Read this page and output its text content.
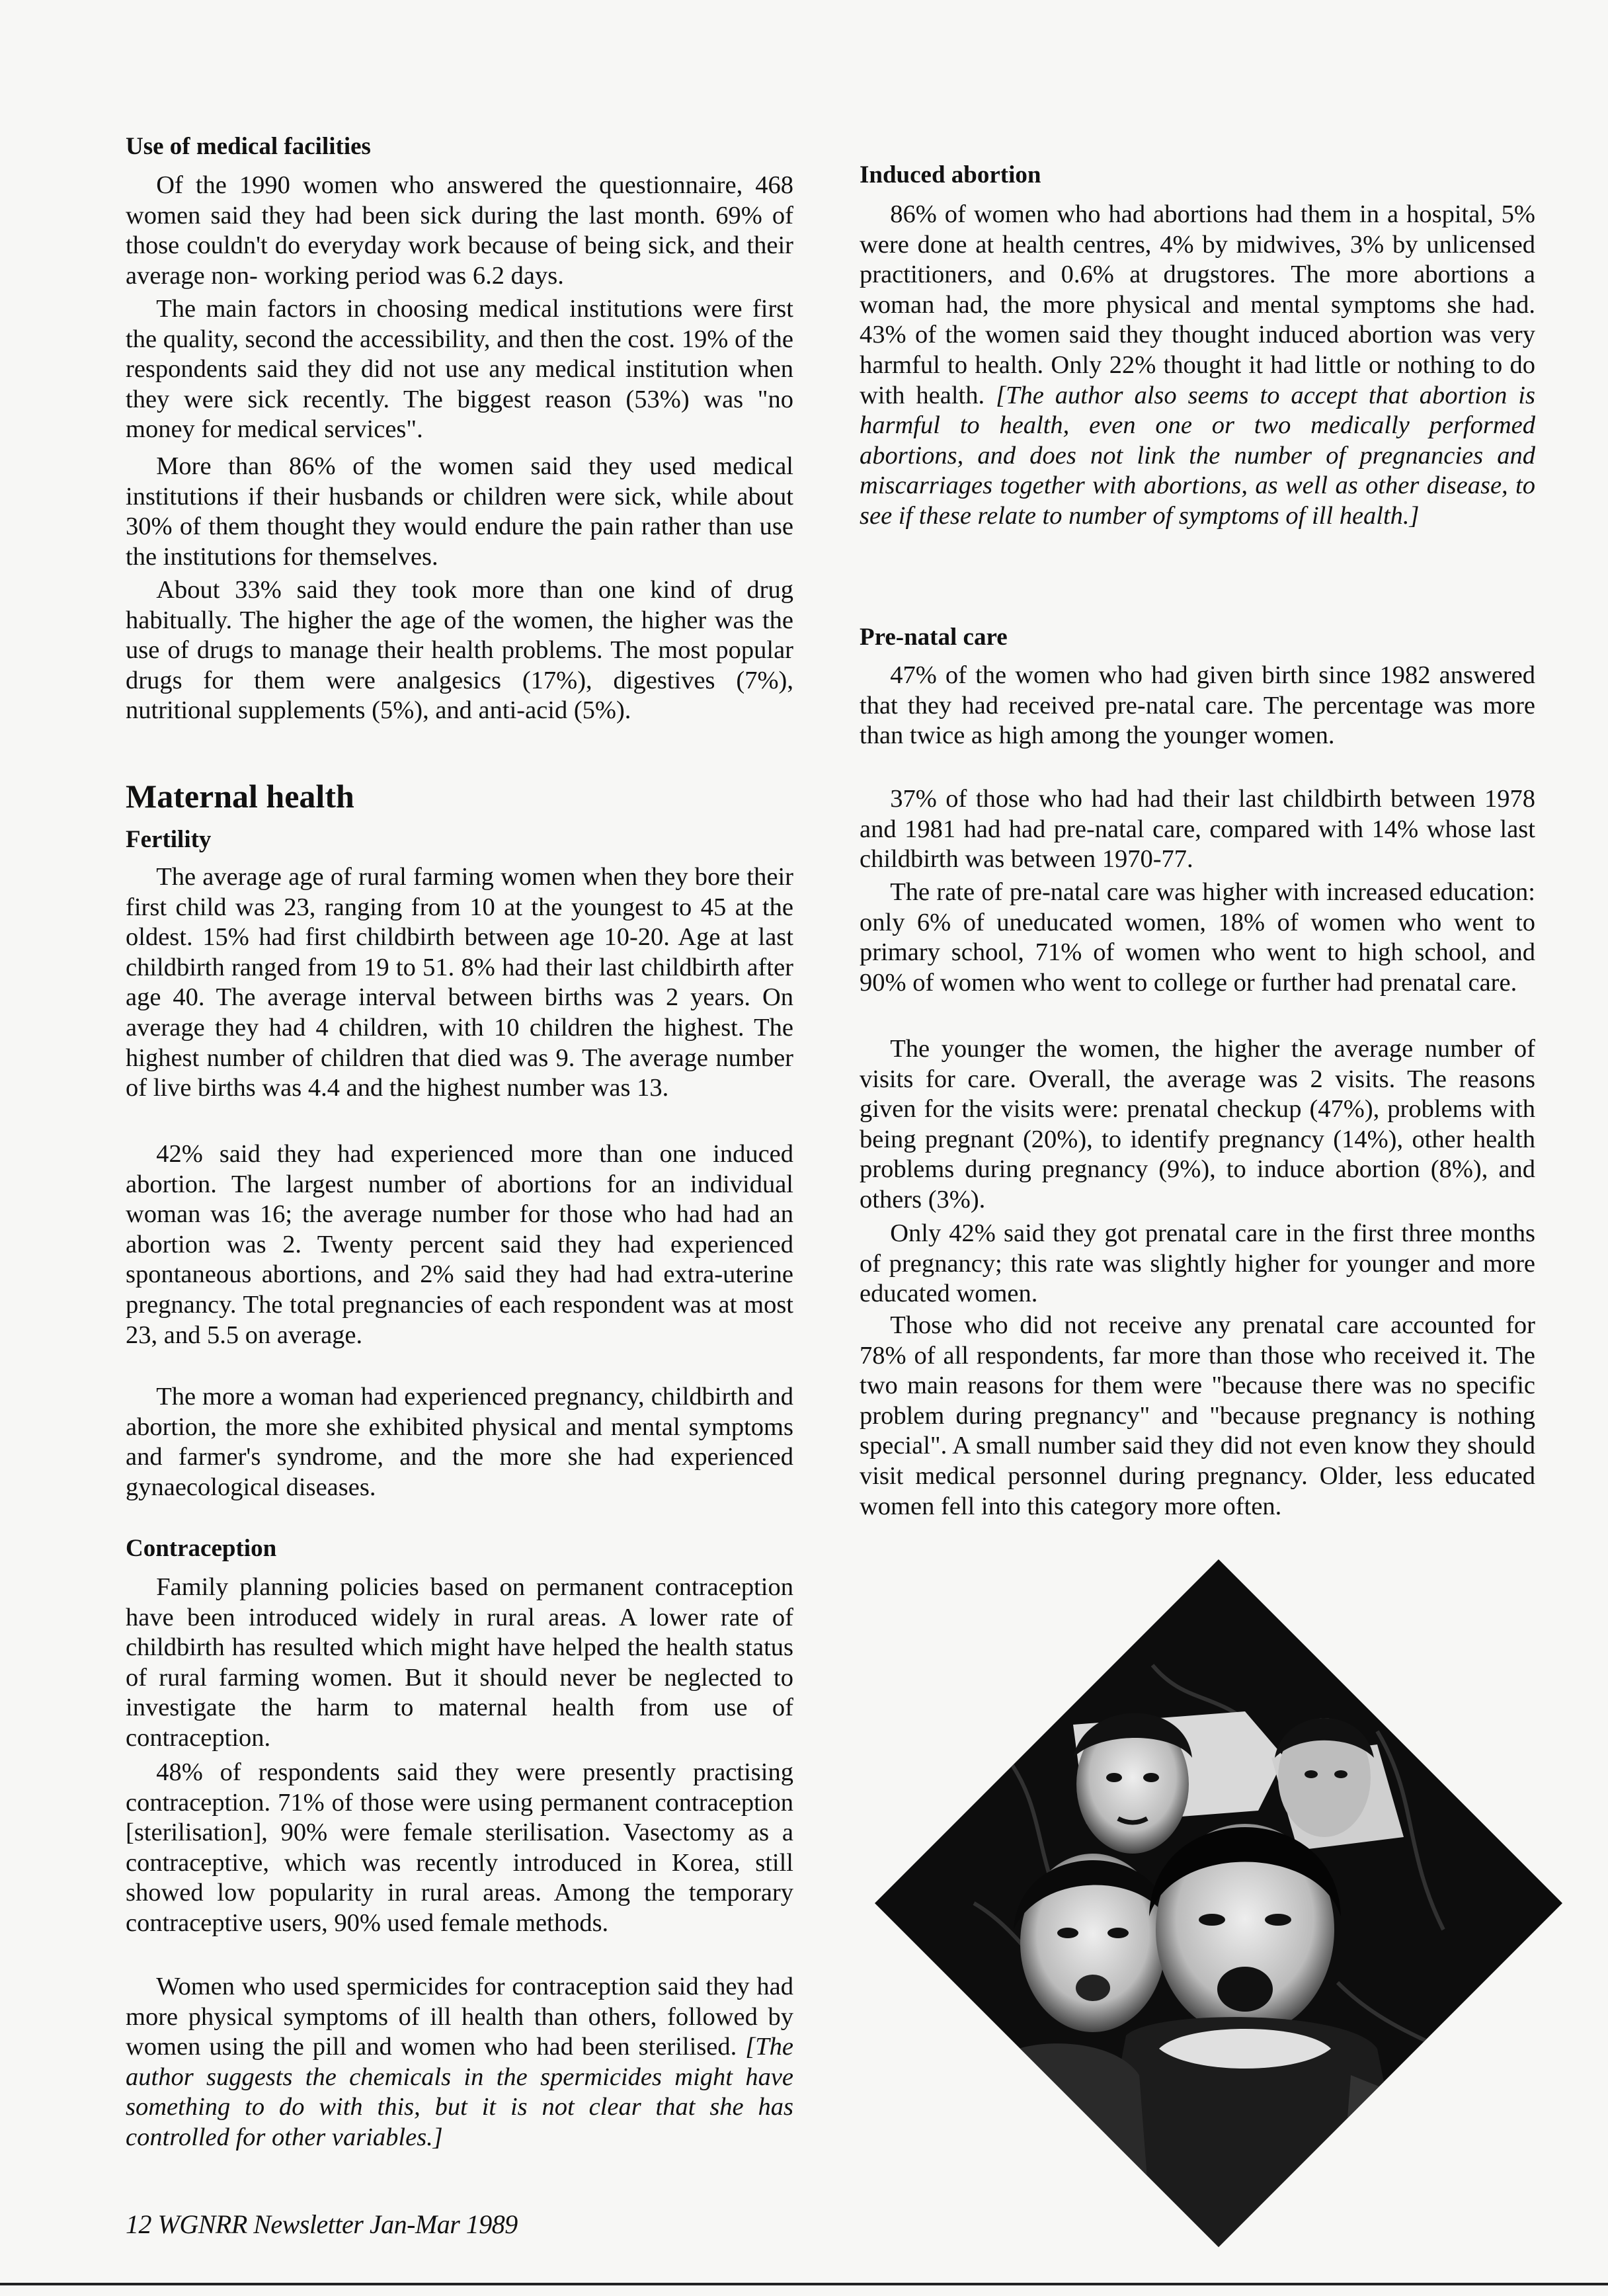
Use of medical facilities

Of the 1990 women who answered the questionnaire, 468 women said they had been sick during the last month. 69% of those couldn't do everyday work because of being sick, and their average non- working period was 6.2 days.

The main factors in choosing medical institutions were first the quality, second the accessibility, and then the cost. 19% of the respondents said they did not use any medical institution when they were sick recently. The biggest reason (53%) was "no money for medical services".

More than 86% of the women said they used medical institutions if their husbands or children were sick, while about 30% of them thought they would endure the pain rather than use the institutions for themselves.

About 33% said they took more than one kind of drug habitually. The higher the age of the women, the higher was the use of drugs to manage their health problems. The most popular drugs for them were analgesics (17%), digestives (7%), nutritional supplements (5%), and anti-acid (5%).

Maternal health
Fertility

The average age of rural farming women when they bore their first child was 23, ranging from 10 at the youngest to 45 at the oldest. 15% had first childbirth between age 10-20. Age at last childbirth ranged from 19 to 51. 8% had their last childbirth after age 40. The average interval between births was 2 years. On average they had 4 children, with 10 children the highest. The highest number of children that died was 9. The average number of live births was 4.4 and the highest number was 13.

42% said they had experienced more than one induced abortion. The largest number of abortions for an individual woman was 16; the average number for those who had had an abortion was 2. Twenty percent said they had experienced spontaneous abortions, and 2% said they had had extra-uterine pregnancy. The total pregnancies of each respondent was at most 23, and 5.5 on average.

The more a woman had experienced pregnancy, childbirth and abortion, the more she exhibited physical and mental symptoms and farmer's syndrome, and the more she had experienced gynaecological diseases.

Contraception

Family planning policies based on permanent contraception have been introduced widely in rural areas. A lower rate of childbirth has resulted which might have helped the health status of rural farming women. But it should never be neglected to investigate the harm to maternal health from use of contraception.

48% of respondents said they were presently practising contraception. 71% of those were using permanent contraception [sterilisation], 90% were female sterilisation. Vasectomy as a contraceptive, which was recently introduced in Korea, still showed low popularity in rural areas. Among the temporary contraceptive users, 90% used female methods.

Women who used spermicides for contraception said they had more physical symptoms of ill health than others, followed by women using the pill and women who had been sterilised. [The author suggests the chemicals in the spermicides might have something to do with this, but it is not clear that she has controlled for other variables.]

Induced abortion

86% of women who had abortions had them in a hospital, 5% were done at health centres, 4% by midwives, 3% by unlicensed practitioners, and 0.6% at drugstores. The more abortions a woman had, the more physical and mental symptoms she had. 43% of the women said they thought induced abortion was very harmful to health. Only 22% thought it had little or nothing to do with health. [The author also seems to accept that abortion is harmful to health, even one or two medically performed abortions, and does not link the number of pregnancies and miscarriages together with abortions, as well as other disease, to see if these relate to number of symptoms of ill health.]

Pre-natal care

47% of the women who had given birth since 1982 answered that they had received pre-natal care. The percentage was more than twice as high among the younger women.

37% of those who had had their last childbirth between 1978 and 1981 had had pre-natal care, compared with 14% whose last childbirth was between 1970-77.

The rate of pre-natal care was higher with increased education: only 6% of uneducated women, 18% of women who went to primary school, 71% of women who went to high school, and 90% of women who went to college or further had prenatal care.

The younger the women, the higher the average number of visits for care. Overall, the average was 2 visits. The reasons given for the visits were: prenatal checkup (47%), problems with being pregnant (20%), to identify pregnancy (14%), other health problems during pregnancy (9%), to induce abortion (8%), and others (3%).

Only 42% said they got prenatal care in the first three months of pregnancy; this rate was slightly higher for younger and more educated women.

Those who did not receive any prenatal care accounted for 78% of all respondents, far more than those who received it. The two main reasons for them were "because there was no specific problem during pregnancy" and "because pregnancy is nothing special". A small number said they did not even know they should visit medical personnel during pregnancy. Older, less educated women fell into this category more often.

12 WGNRR Newsletter Jan-Mar 1989
